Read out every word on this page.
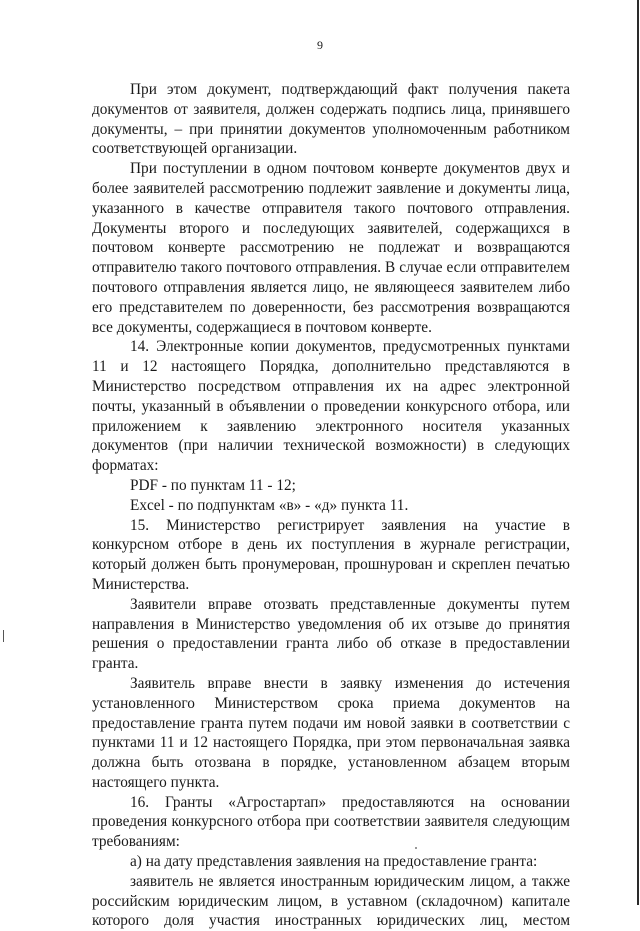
9

При этом документ, подтверждающий факт получения пакета документов от заявителя, должен содержать подпись лица, принявшего документы, – при принятии документов уполномоченным работником соответствующей организации.

При поступлении в одном почтовом конверте документов двух и более заявителей рассмотрению подлежит заявление и документы лица, указанного в качестве отправителя такого почтового отправления. Документы второго и последующих заявителей, содержащихся в почтовом конверте рассмотрению не подлежат и возвращаются отправителю такого почтового отправления. В случае если отправителем почтового отправления является лицо, не являющееся заявителем либо его представителем по доверенности, без рассмотрения возвращаются все документы, содержащиеся в почтовом конверте.

14. Электронные копии документов, предусмотренных пунктами 11 и 12 настоящего Порядка, дополнительно представляются в Министерство посредством отправления их на адрес электронной почты, указанный в объявлении о проведении конкурсного отбора, или приложением к заявлению электронного носителя указанных документов (при наличии технической возможности) в следующих форматах:

PDF - по пунктам 11 - 12;

Excel - по подпунктам «в» - «д» пункта 11.

15. Министерство регистрирует заявления на участие в конкурсном отборе в день их поступления в журнале регистрации, который должен быть пронумерован, прошнурован и скреплен печатью Министерства.

Заявители вправе отозвать представленные документы путем направления в Министерство уведомления об их отзыве до принятия решения о предоставлении гранта либо об отказе в предоставлении гранта.

Заявитель вправе внести в заявку изменения до истечения установленного Министерством срока приема документов на предоставление гранта путем подачи им новой заявки в соответствии с пунктами 11 и 12 настоящего Порядка, при этом первоначальная заявка должна быть отозвана в порядке, установленном абзацем вторым настоящего пункта.

16. Гранты «Агростартап» предоставляются на основании проведения конкурсного отбора при соответствии заявителя следующим требованиям:

а) на дату представления заявления на предоставление гранта:

заявитель не является иностранным юридическим лицом, а также российским юридическим лицом, в уставном (складочном) капитале которого доля участия иностранных юридических лиц, местом
